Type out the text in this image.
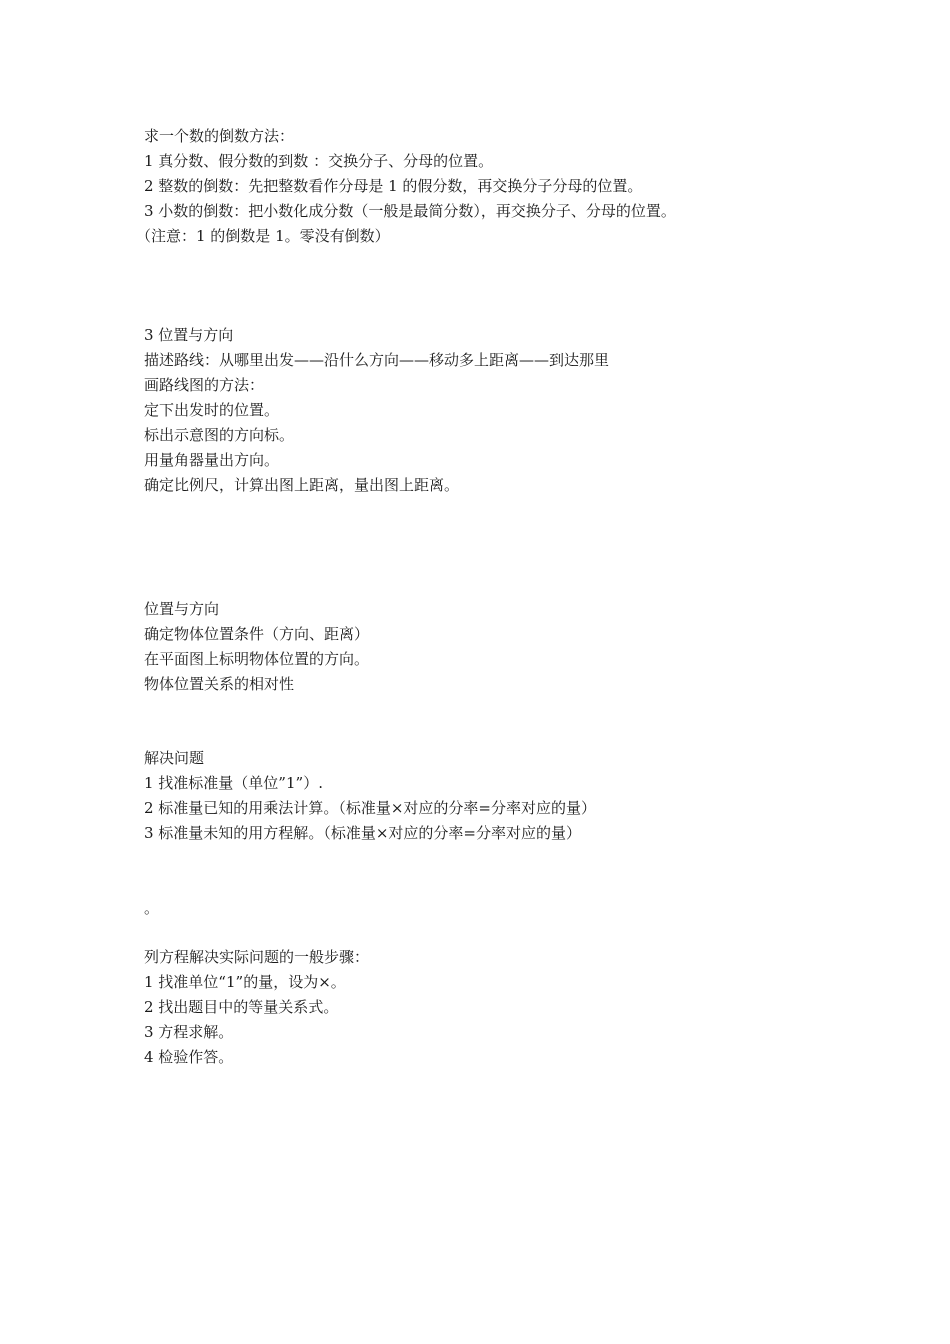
求一个数的倒数方法：
1 真分数、假分数的到数 ：交换分子、分母的位置。
2 整数的倒数：先把整数看作分母是 1 的假分数，再交换分子分母的位置。
3 小数的倒数：把小数化成分数（一般是最简分数），再交换分子、分母的位置。
（注意：1 的倒数是 1。零没有倒数）
3 位置与方向
描述路线：从哪里出发——沿什么方向——移动多上距离——到达那里
画路线图的方法：
定下出发时的位置。
标出示意图的方向标。
用量角器量出方向。
确定比例尺，计算出图上距离，量出图上距离。
位置与方向
确定物体位置条件（方向、距离）
在平面图上标明物体位置的方向。
物体位置关系的相对性
解决问题
1 找准标准量（单位”1”）.
2 标准量已知的用乘法计算。（标准量×对应的分率=分率对应的量）
3 标准量未知的用方程解。（标准量×对应的分率=分率对应的量）
。
列方程解决实际问题的一般步骤：
1 找准单位“1”的量，设为×。
2 找出题目中的等量关系式。
3 方程求解。
4 检验作答。
